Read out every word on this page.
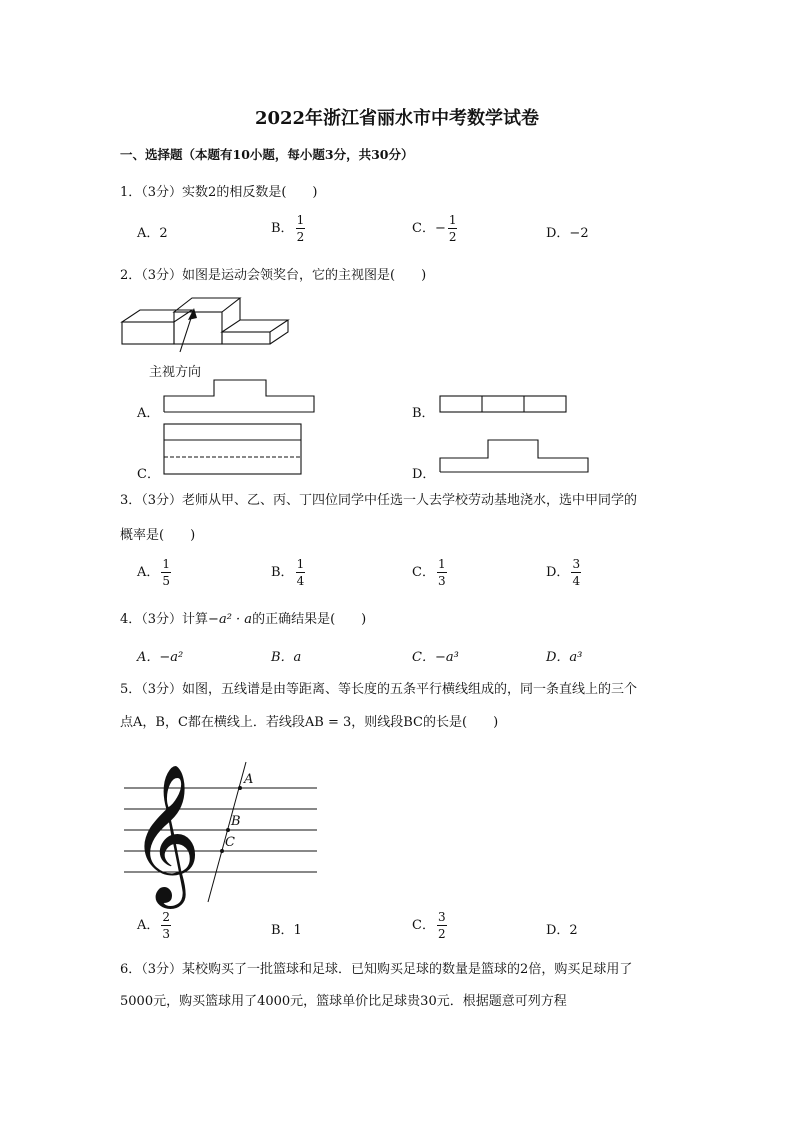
2022年浙江省丽水市中考数学试卷
一、选择题（本题有10小题，每小题3分，共30分）
1．（3分）实数2的相反数是(　　)
A．2	B． $\frac{1}{2}$	C．− $\frac{1}{2}$	D．−2
2．（3分）如图是运动会领奖台，它的主视图是(　　)
主视方向
A．	B．
C．	D．
3．（3分）老师从甲、乙、丙、丁四位同学中任选一人去学校劳动基地浇水，选中甲同学的
概率是(　　)
A． $\frac{1}{5}$	B． $\frac{1}{4}$	C． $\frac{1}{3}$	D． $\frac{3}{4}$
4．（3分）计算−a² · a的正确结果是(　　)
A．−a²	B．a	C．−a³	D．a³
5．（3分）如图，五线谱是由等距离、等长度的五条平行横线组成的，同一条直线上的三个
点A，B，C都在横线上．若线段AB = 3，则线段BC的长是(　　)
𝄞	A
B
C
A． $\frac{2}{3}$	B．1	C． $\frac{3}{2}$	D．2
6．（3分）某校购买了一批篮球和足球．已知购买足球的数量是篮球的2倍，购买足球用了
5000元，购买篮球用了4000元，篮球单价比足球贵30元．根据题意可列方程
